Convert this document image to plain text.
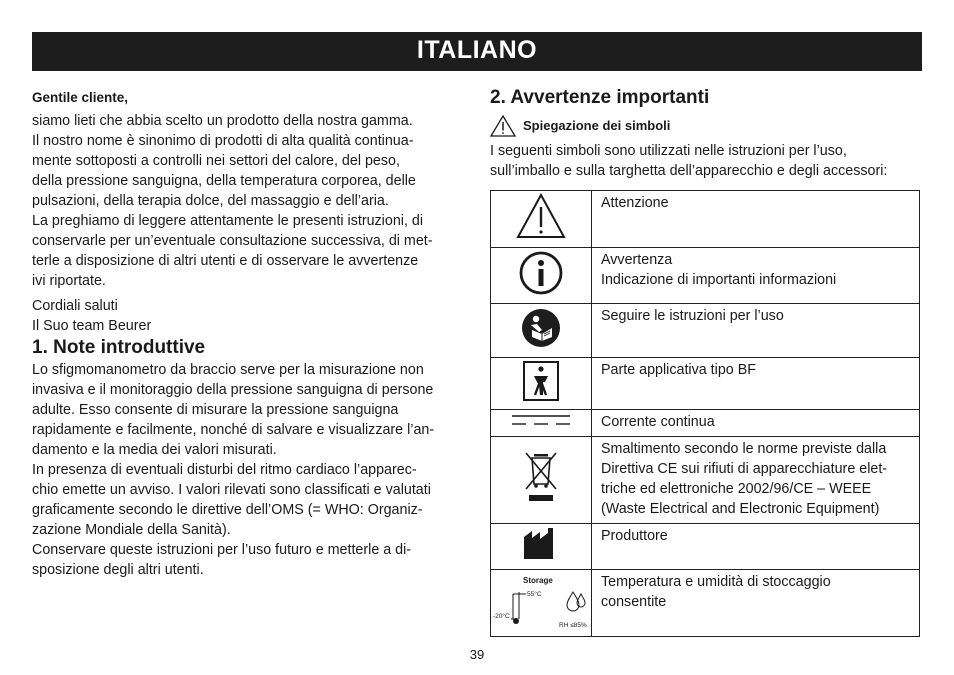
ITALIANO

Gentile cliente,

siamo lieti che abbia scelto un prodotto della nostra gamma.

Il nostro nome è sinonimo di prodotti di alta qualità continua-

mente sottoposti a controlli nei settori del calore, del peso,

della pressione sanguigna, della temperatura corporea, delle

pulsazioni, della terapia dolce, del massaggio e dell’aria.

La preghiamo di leggere attentamente le presenti istruzioni, di

conservarle per un’eventuale consultazione successiva, di met-

terle a disposizione di altri utenti e di osservare le avvertenze

ivi riportate.

Cordiali saluti

Il Suo team Beurer

1. Note introduttive

Lo sfigmomanometro da braccio serve per la misurazione non

invasiva e il monitoraggio della pressione sanguigna di persone

adulte. Esso consente di misurare la pressione sanguigna

rapidamente e facilmente, nonché di salvare e visualizzare l’an-

damento e la media dei valori misurati.

In presenza di eventuali disturbi del ritmo cardiaco l’apparec-

chio emette un avviso. I valori rilevati sono classificati e valutati

graficamente secondo le direttive dell’OMS (= WHO: Organiz-

zazione Mondiale della Sanità).

Conservare queste istruzioni per l’uso futuro e metterle a di-

sposizione degli altri utenti.

2. Avvertenze importanti

Spiegazione dei simboli

I seguenti simboli sono utilizzati nelle istruzioni per l’uso,
sull’imballo e sulla targhetta dell’apparecchio e degli accessori:

	Attenzione
	Avvertenza
Indicazione di importanti informazioni
	Seguire le istruzioni per l’uso
	Parte applicativa tipo BF
	Corrente continua
	Smaltimento secondo le norme previste dalla
Direttiva CE sui rifiuti di apparecchiature elet-
triche ed elettroniche 2002/96/CE – WEEE
(Waste Electrical and Electronic Equipment)
	Produttore

Storage
55°C
-20°C
RH ≤85%	Temperatura e umidità di stoccaggio
consentite
39
